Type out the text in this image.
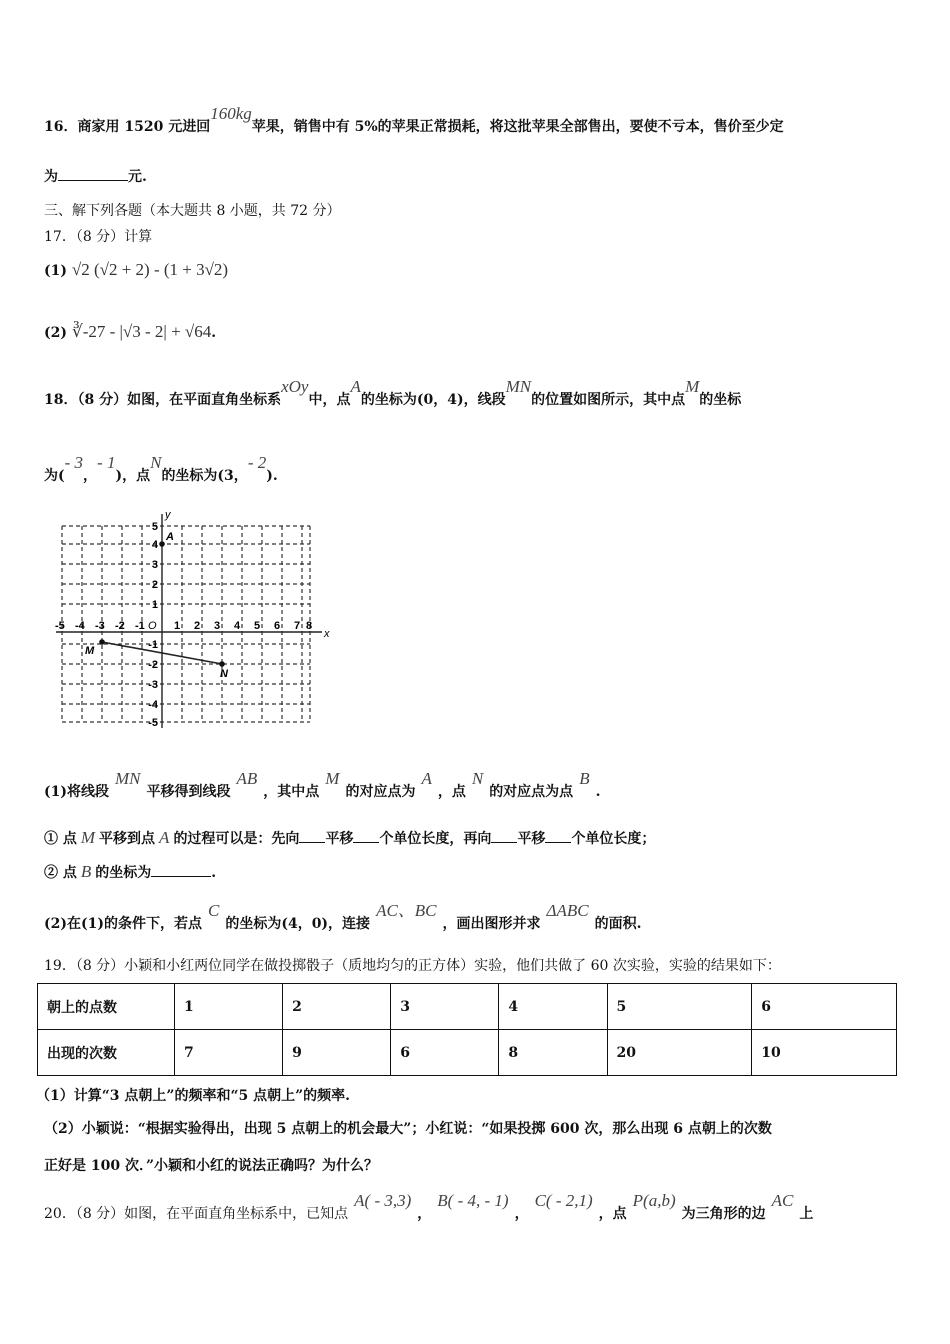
16．商家用 1520 元进回160kg苹果，销售中有 5%的苹果正常损耗，将这批苹果全部售出，要使不亏本，售价至少定
为	元.
三、解下列各题（本大题共 8 小题，共 72 分）
17．（8 分）计算
(1) √2 (√2 + 2) - (1 + 3√2)
(2) ∛-27 - |√3 - 2| + √64.
18．（8 分）如图，在平面直角坐标系xOy中，点A的坐标为(0，4)，线段MN的位置如图所示，其中点M的坐标
为(- 3，- 1)，点N的坐标为(3，- 2).
x
y
O
-5 -4 -3 -2 -1	1 2 3 4 5 6 7 8
5
4
3
2
1
-1
-2
-3
-4
-5
A
M
N
(1)将线段MN平移得到线段AB，其中点M的对应点为A，点N的对应点为点B.
① 点 M 平移到点 A 的过程可以是：先向 平移 个单位长度，再向 平移 个单位长度；
② 点 B 的坐标为	.
(2)在(1)的条件下，若点C的坐标为(4，0)，连接AC、BC，画出图形并求ΔABC的面积.
19．（8 分）小颖和小红两位同学在做投掷骰子（质地均匀的正方体）实验，他们共做了 60 次实验，实验的结果如下：
朝上的点数	1	2	3	4	5	6
出现的次数	7	9	6	8	20	10
（1）计算“3 点朝上”的频率和“5 点朝上”的频率.
（2）小颖说：“根据实验得出，出现 5 点朝上的机会最大”；小红说：“如果投掷 600 次，那么出现 6 点朝上的次数
正好是 100 次．”小颖和小红的说法正确吗？为什么？
20．（8 分）如图，在平面直角坐标系中，已知点A( - 3,3)，B( - 4, - 1)，C( - 2,1)，点P(a,b)为三角形的边AC上
